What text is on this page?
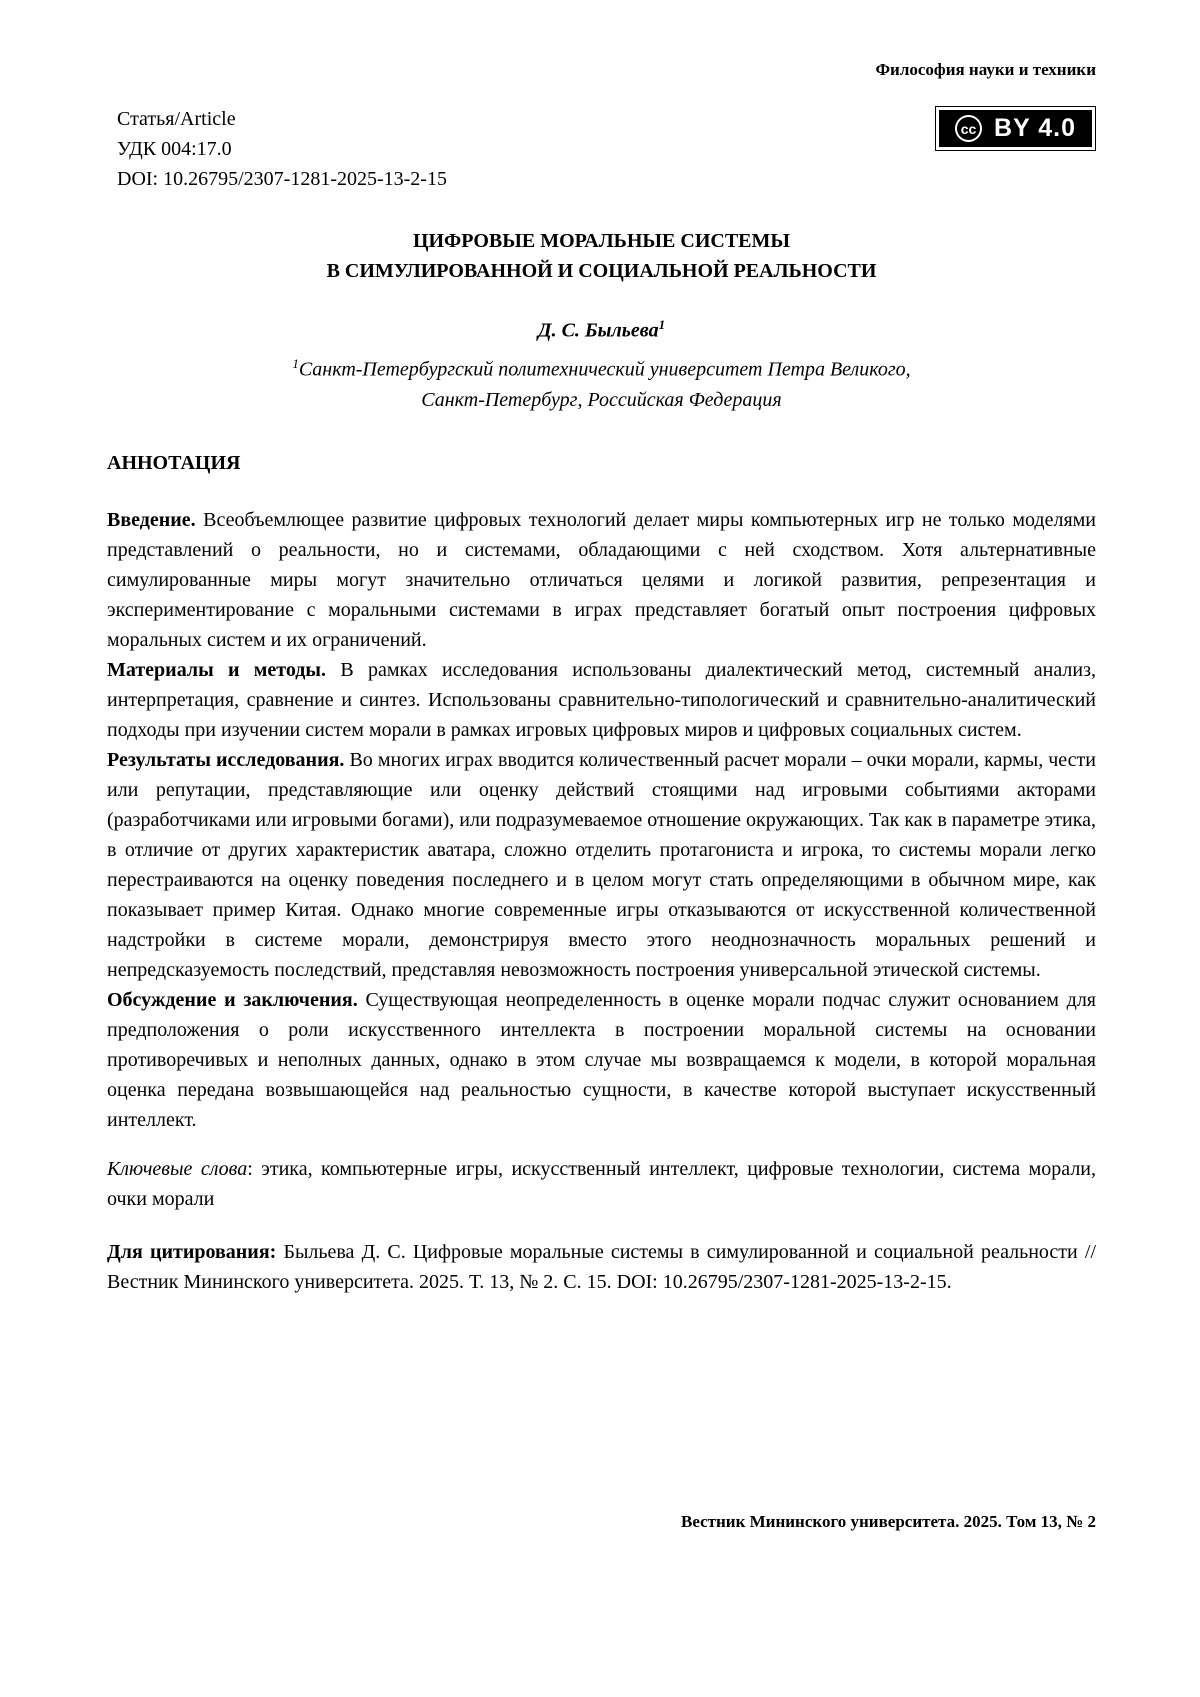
Философия науки и техники
Статья/Article
УДК 004:17.0
DOI: 10.26795/2307-1281-2025-13-2-15
cc BY 4.0
ЦИФРОВЫЕ МОРАЛЬНЫЕ СИСТЕМЫ
В СИМУЛИРОВАННОЙ И СОЦИАЛЬНОЙ РЕАЛЬНОСТИ
Д. С. Быльева$^1$
$^1$Санкт-Петербургский политехнический университет Петра Великого,
Санкт-Петербург, Российская Федерация
АННОТАЦИЯ

Введение. Всеобъемлющее развитие цифровых технологий делает миры компьютерных игр не только моделями представлений о реальности, но и системами, обладающими с ней сходством. Хотя альтернативные симулированные миры могут значительно отличаться целями и логикой развития, репрезентация и экспериментирование с моральными системами в играх представляет богатый опыт построения цифровых моральных систем и их ограничений.

Материалы и методы. В рамках исследования использованы диалектический метод, системный анализ, интерпретация, сравнение и синтез. Использованы сравнительно-типологический и сравнительно-аналитический подходы при изучении систем морали в рамках игровых цифровых миров и цифровых социальных систем.

Результаты исследования. Во многих играх вводится количественный расчет морали – очки морали, кармы, чести или репутации, представляющие или оценку действий стоящими над игровыми событиями акторами (разработчиками или игровыми богами), или подразумеваемое отношение окружающих. Так как в параметре этика, в отличие от других характеристик аватара, сложно отделить протагониста и игрока, то системы морали легко перестраиваются на оценку поведения последнего и в целом могут стать определяющими в обычном мире, как показывает пример Китая. Однако многие современные игры отказываются от искусственной количественной надстройки в системе морали, демонстрируя вместо этого неоднозначность моральных решений и непредсказуемость последствий, представляя невозможность построения универсальной этической системы.

Обсуждение и заключения. Существующая неопределенность в оценке морали подчас служит основанием для предположения о роли искусственного интеллекта в построении моральной системы на основании противоречивых и неполных данных, однако в этом случае мы возвращаемся к модели, в которой моральная оценка передана возвышающейся над реальностью сущности, в качестве которой выступает искусственный интеллект.

Ключевые слова: этика, компьютерные игры, искусственный интеллект, цифровые технологии, система морали, очки морали

Для цитирования: Быльева Д. С. Цифровые моральные системы в симулированной и социальной реальности // Вестник Мининского университета. 2025. Т. 13, № 2. С. 15. DOI: 10.26795/2307-1281-2025-13-2-15.

Вестник Мининского университета. 2025. Том 13, № 2
